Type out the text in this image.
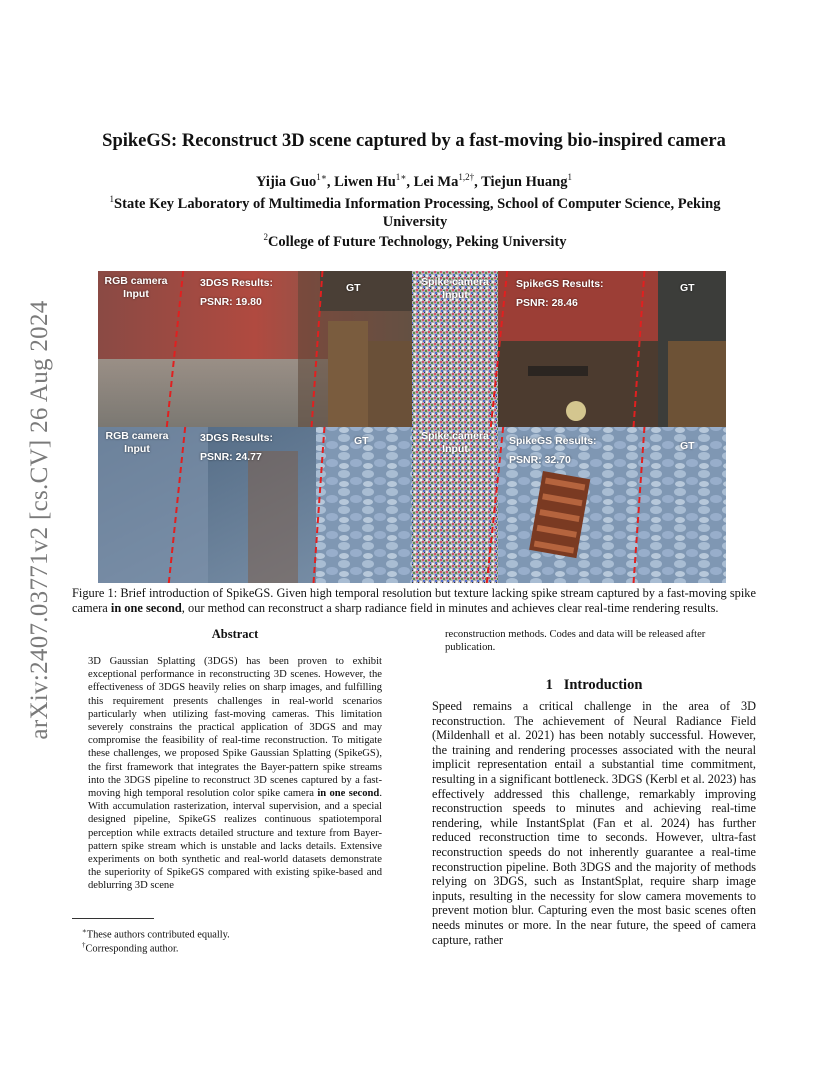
arXiv:2407.03771v2 [cs.CV] 26 Aug 2024
SpikeGS: Reconstruct 3D scene captured by a fast-moving bio-inspired camera
Yijia Guo$^{1∗}$, Liwen $Hu^{1∗}$, Lei $Ma^{1,2\dagger}$, Tiejun Huang$^1$
$^1$State Key Laboratory of Multimedia Information Processing, School of Computer Science, Peking
University
$^2$College of Future Technology, Peking University
RGB camera
Input
3DGS Results:
PSNR: 19.80
GT	Spike camera
Input
SpikeGS Results:
PSNR: 28.46
GT
RGB camera
Input
3DGS Results:
PSNR: 24.77
GT	Spike camera
Input
SpikeGS Results:
PSNR: 32.70
GT
Figure 1: Brief introduction of SpikeGS. Given high temporal resolution but texture lacking spike stream captured by a fast-moving spike camera in one second, our method can reconstruct a sharp radiance field in minutes and achieves clear real-time rendering results.
Abstract
3D Gaussian Splatting (3DGS) has been proven to exhibit exceptional performance in reconstructing 3D scenes. However, the effectiveness of 3DGS heavily relies on sharp images, and fulfilling this requirement presents challenges in real-world scenarios particularly when utilizing fast-moving cameras. This limitation severely constrains the practical application of 3DGS and may compromise the feasibility of real-time reconstruction. To mitigate these challenges, we proposed Spike Gaussian Splatting (SpikeGS), the first framework that integrates the Bayer-pattern spike streams into the 3DGS pipeline to reconstruct 3D scenes captured by a fast-moving high temporal resolution color spike camera in one second. With accumulation rasterization, interval supervision, and a special designed pipeline, SpikeGS realizes continuous spatiotemporal perception while extracts detailed structure and texture from Bayer-pattern spike stream which is unstable and lacks details. Extensive experiments on both synthetic and real-world datasets demonstrate the superiority of SpikeGS compared with existing spike-based and deblurring 3D scene
reconstruction methods. Codes and data will be released after publication.
1 Introduction
Speed remains a critical challenge in the area of 3D reconstruction. The achievement of Neural Radiance Field (Mildenhall et al. 2021) has been notably successful. However, the training and rendering processes associated with the neural implicit representation entail a substantial time commitment, resulting in a significant bottleneck. 3DGS (Kerbl et al. 2023) has effectively addressed this challenge, remarkably improving reconstruction speeds to minutes and achieving real-time rendering, while InstantSplat (Fan et al. 2024) has further reduced reconstruction time to seconds. However, ultra-fast reconstruction speeds do not inherently guarantee a real-time reconstruction pipeline. Both 3DGS and the majority of methods relying on 3DGS, such as InstantSplat, require sharp image inputs, resulting in the necessity for slow camera movements to prevent motion blur. Capturing even the most basic scenes often needs minutes or more. In the near future, the speed of camera capture, rather
∗These authors contributed equally.
†Corresponding author.
